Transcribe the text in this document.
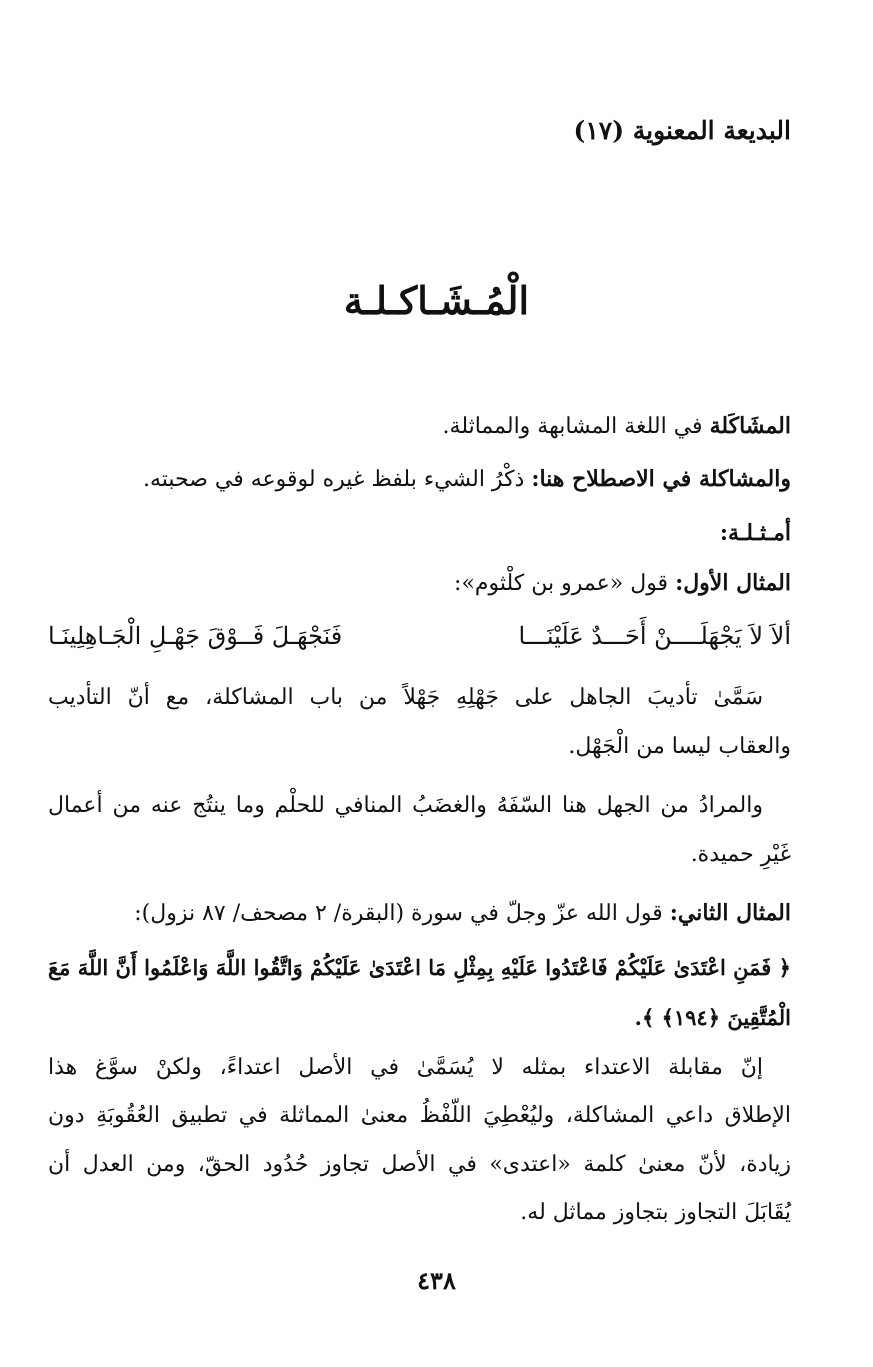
البديعة المعنوية (١٧)
الْمُـشَـاكـلـة
المشَاكَلة في اللغة المشابهة والمماثلة.
والمشاكلة في الاصطلاح هنا: ذكْرُ الشيء بلفظ غيره لوقوعه في صحبته.
أمـثـلـة:
المثال الأول: قول «عمرو بن كلْثوم»:
ألاَ لاَ يَجْهَلَــــنْ أَحَـــدٌ عَلَيْنَـــا
فَنَجْهَـلَ فَــوْقَ جَهْـلِ الْجَـاهِلِينَـا
سَمَّىٰ تأديبَ الجاهل على جَهْلِهِ جَهْلاً من باب المشاكلة، مع أنّ التأديب
والعقاب ليسا من الْجَهْل.
والمرادُ من الجهل هنا السّفَهُ والغضَبُ المنافي للحلْم وما ينتُج عنه من أعمال
غَيْرِ حميدة.
المثال الثاني: قول الله عزّ وجلّ في سورة (البقرة/ ٢ مصحف/ ٨٧ نزول):
﴿ فَمَنِ اعْتَدَىٰ عَلَيْكُمْ فَاعْتَدُوا عَلَيْهِ بِمِثْلِ مَا اعْتَدَىٰ عَلَيْكُمْ وَاتَّقُوا اللَّهَ وَاعْلَمُوا أَنَّ اللَّهَ مَعَ
الْمُتَّقِينَ ﴿١٩٤﴾ ﴾.
إنّ مقابلة الاعتداء بمثله لا يُسَمَّىٰ في الأصل اعتداءً، ولكنْ سوَّغ هذا
الإطلاق داعي المشاكلة، وليُعْطِيَ اللّفْظُ معنىٰ المماثلة في تطبيق العُقُوبَةِ دون
زيادة، لأنّ معنىٰ كلمة «اعتدى» في الأصل تجاوز حُدُود الحقّ، ومن العدل أن
يُقَابَلَ التجاوز بتجاوز مماثل له.
٤٣٨
